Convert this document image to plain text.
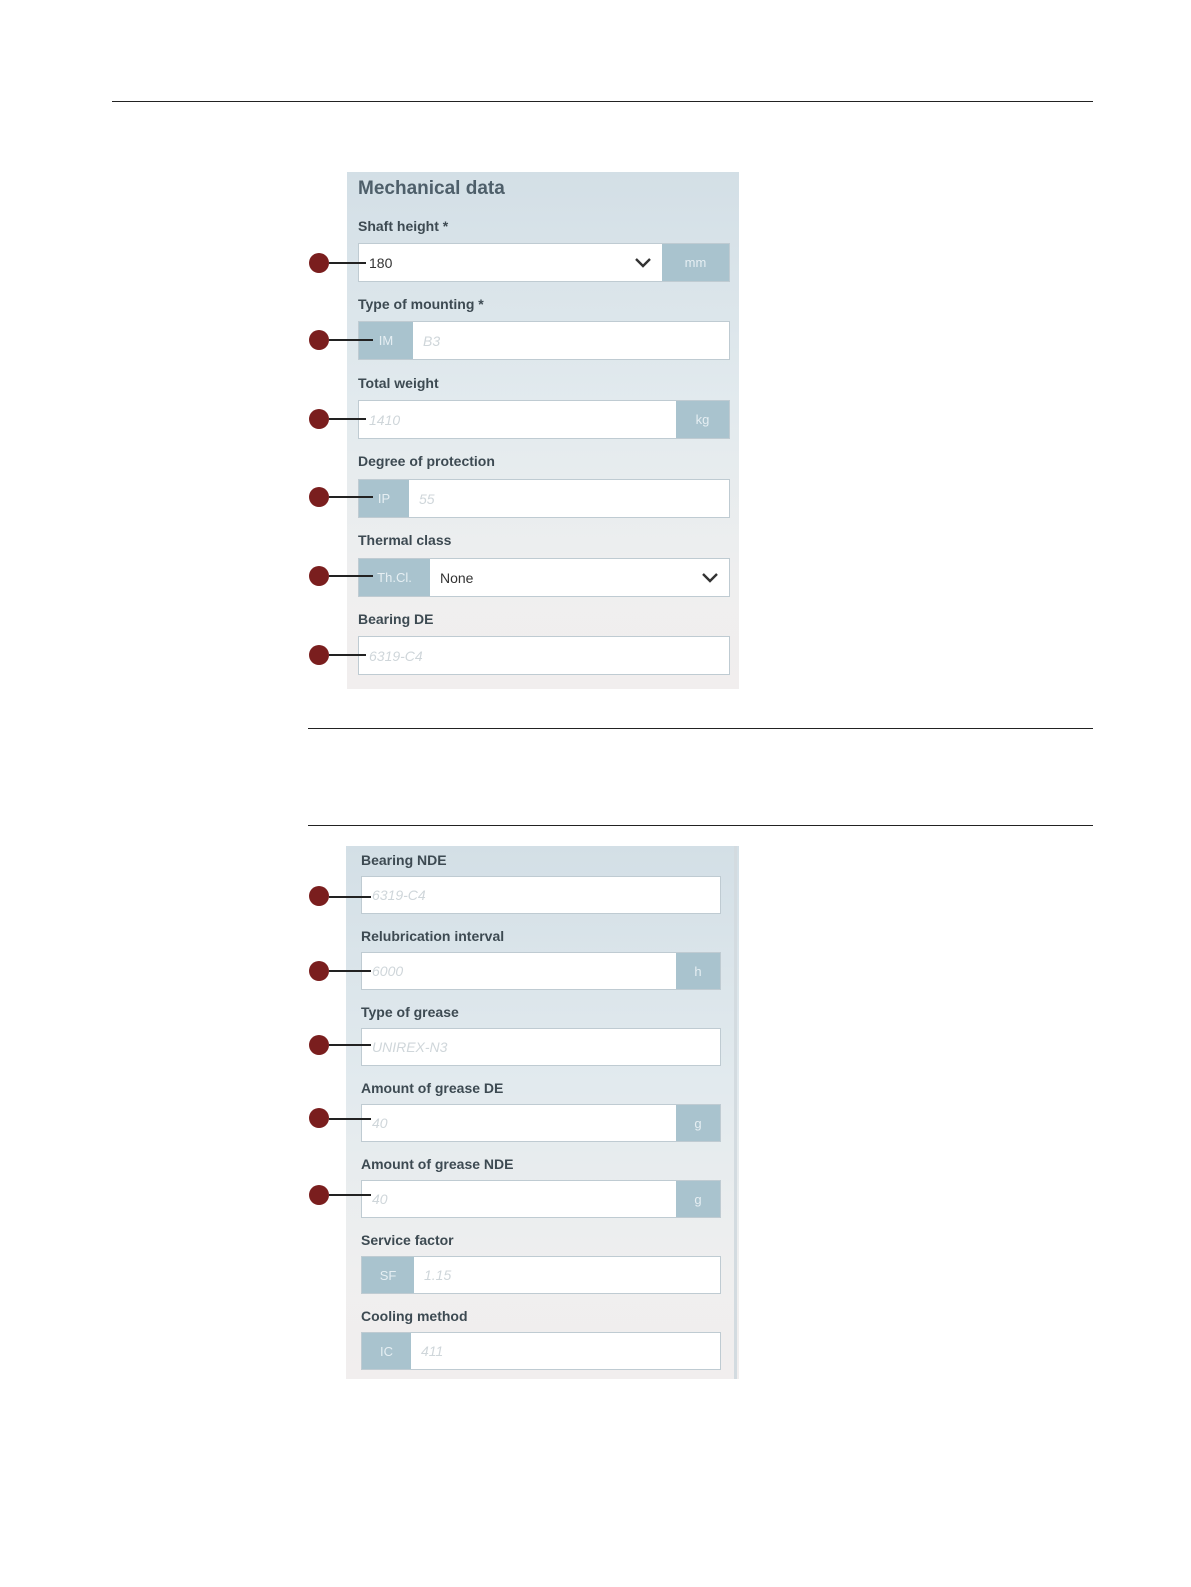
Mechanical data
Shaft height *
180	mm
Type of mounting *
IM	B3
Total weight
1410	kg
Degree of protection
IP	55
Thermal class
Th.Cl.	None
Bearing DE
6319-C4
Bearing NDE
6319-C4
Relubrication interval
6000	h
Type of grease
UNIREX-N3
Amount of grease DE
40	g
Amount of grease NDE
40	g
Service factor
SF	1.15
Cooling method
IC	411
